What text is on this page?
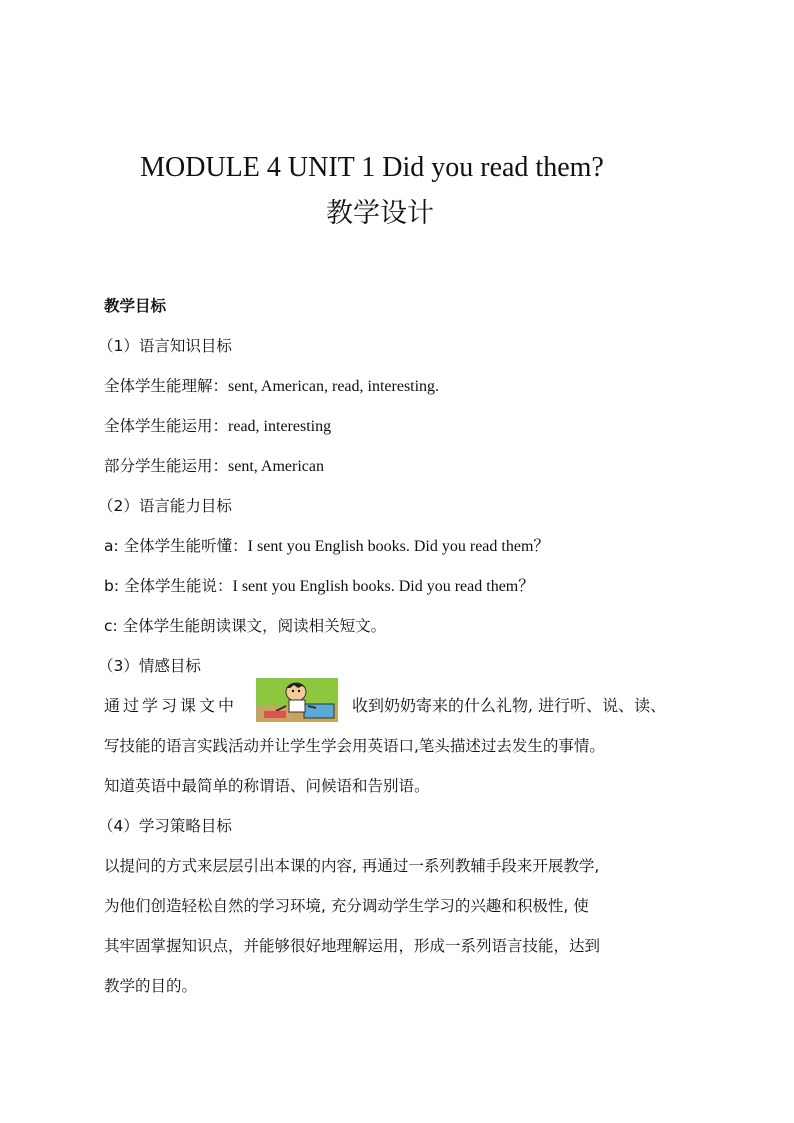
MODULE 4 UNIT 1 Did you read them?
教学设计
教学目标
（1）语言知识目标
全体学生能理解：sent, American, read, interesting.
全体学生能运用：read, interesting
部分学生能运用：sent, American
（2）语言能力目标
a: 全体学生能听懂：I sent you English books. Did you read them？
b: 全体学生能说：I sent you English books. Did you read them？
c: 全体学生能朗读课文，阅读相关短文。
（3）情感目标
通过学习课文中	收到奶奶寄来的什么礼物, 进行听、说、读、
写技能的语言实践活动并让学生学会用英语口,笔头描述过去发生的事情。
知道英语中最简单的称谓语、问候语和告别语。
（4）学习策略目标
以提问的方式来层层引出本课的内容, 再通过一系列教辅手段来开展教学,
为他们创造轻松自然的学习环境, 充分调动学生学习的兴趣和积极性, 使
其牢固掌握知识点，并能够很好地理解运用，形成一系列语言技能，达到
教学的目的。
